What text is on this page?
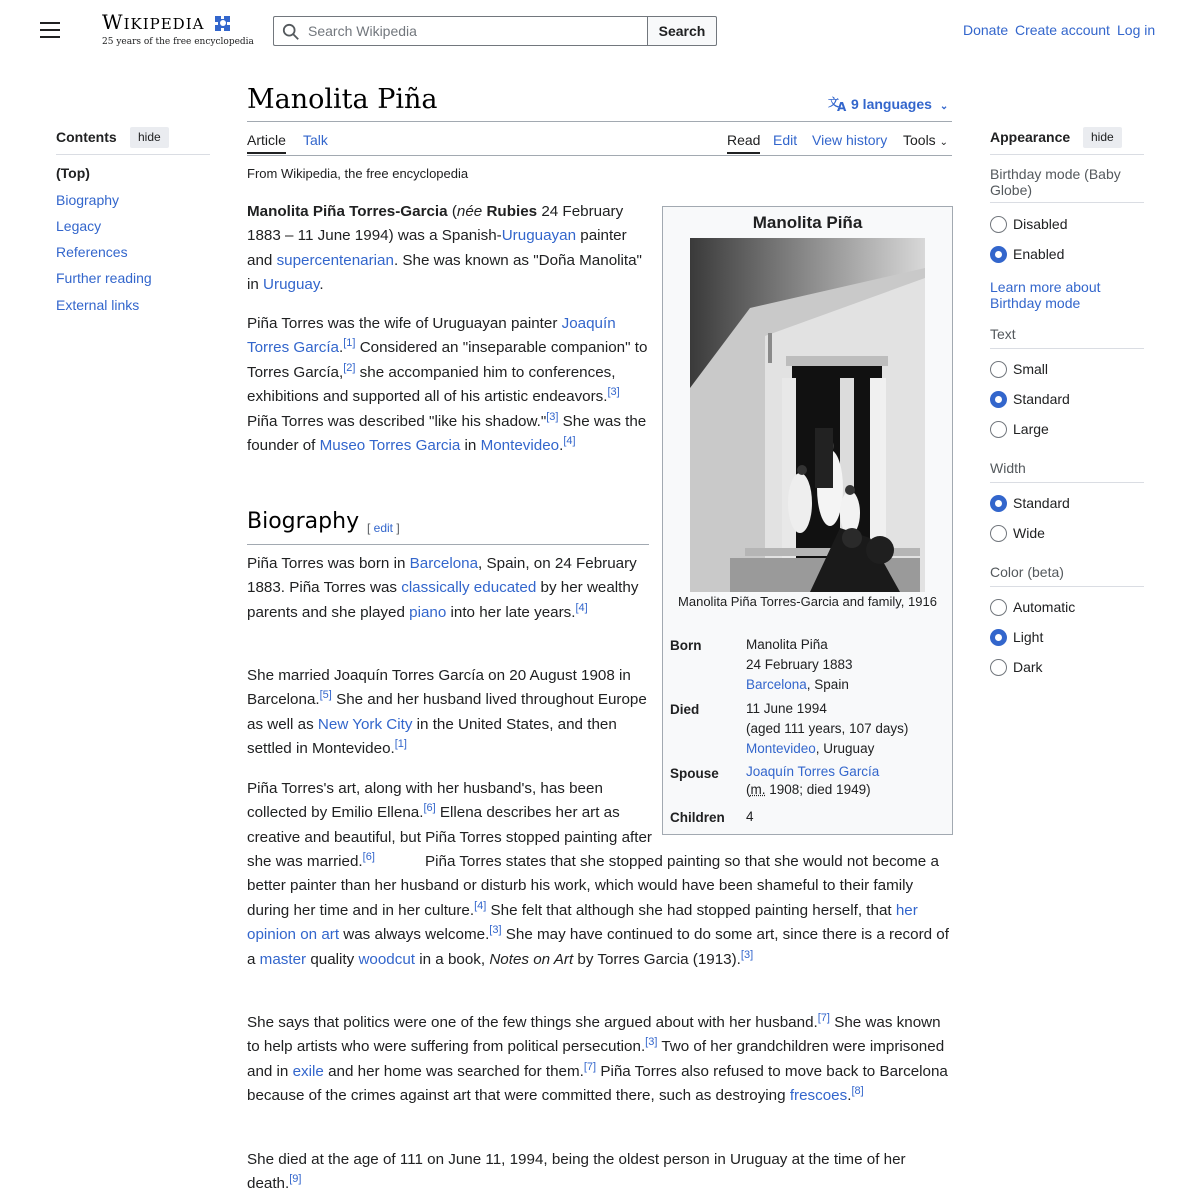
WIKIPEDIA
25 years of the free encyclopedia
Search Wikipedia
Search	Donate Create account Log in
Contents	hide
(Top)
Biography
Legacy
References
Further reading
External links
Manolita Piña	文
A 9 languages ⌄
Article Talk	Read Edit View history Tools ⌄
From Wikipedia, the free encyclopedia

Manolita Piña Torres-Garcia (née Rubies 24 February 1883 – 11 June 1994) was a Spanish-Uruguayan painter and supercentenarian. She was known as "Doña Manolita" in Uruguay.

Piña Torres was the wife of Uruguayan painter Joaquín Torres García.[1] Considered an "inseparable companion" to Torres García,[2] she accompanied him to conferences, exhibitions and supported all of his artistic endeavors.[3] Piña Torres was described "like his shadow."[3] She was the founder of Museo Torres Garcia in Montevideo.[4]

Biography [ edit ]

Piña Torres was born in Barcelona, Spain, on 24 February 1883. Piña Torres was classically educated by her wealthy parents and she played piano into her late years.[4]

She married Joaquín Torres García on 20 August 1908 in Barcelona.[5] She and her husband lived throughout Europe as well as New York City in the United States, and then settled in Montevideo.[1]

Piña Torres's art, along with her husband's, has been collected by Emilio Ellena.[6] Ellena describes her art as creative and beautiful, but Piña Torres stopped painting after she was married.[6]	Piña Torres states that she stopped painting so that she would not become a better painter than her husband or disturb his work, which would have been shameful to their family during her time and in her culture.[4] She felt that although she had stopped painting herself, that her opinion on art was always welcome.[3] She may have continued to do some art, since there is a record of a master quality woodcut in a book, Notes on Art by Torres Garcia (1913).[3]

She says that politics were one of the few things she argued about with her husband.[7] She was known to help artists who were suffering from political persecution.[3] Two of her grandchildren were imprisoned and in exile and her home was searched for them.[7] Piña Torres also refused to move back to Barcelona because of the crimes against art that were committed there, such as destroying frescoes.[8]

She died at the age of 111 on June 11, 1994, being the oldest person in Uruguay at the time of her death.[9]

Manolita Piña
Manolita Piña Torres-Garcia and family, 1916
Born	Manolita Piña
24 February 1883
Barcelona, Spain
Died	11 June 1994
(aged 111 years, 107 days)
Montevideo, Uruguay
Spouse Joaquín Torres García
(m. 1908; died 1949)
Children 4
Appearance	hide
Birthday mode (Baby Globe)
Disabled
Enabled
Learn more about Birthday mode
Text
Small
Standard
Large
Width
Standard
Wide
Color (beta)
Automatic
Light
Dark
